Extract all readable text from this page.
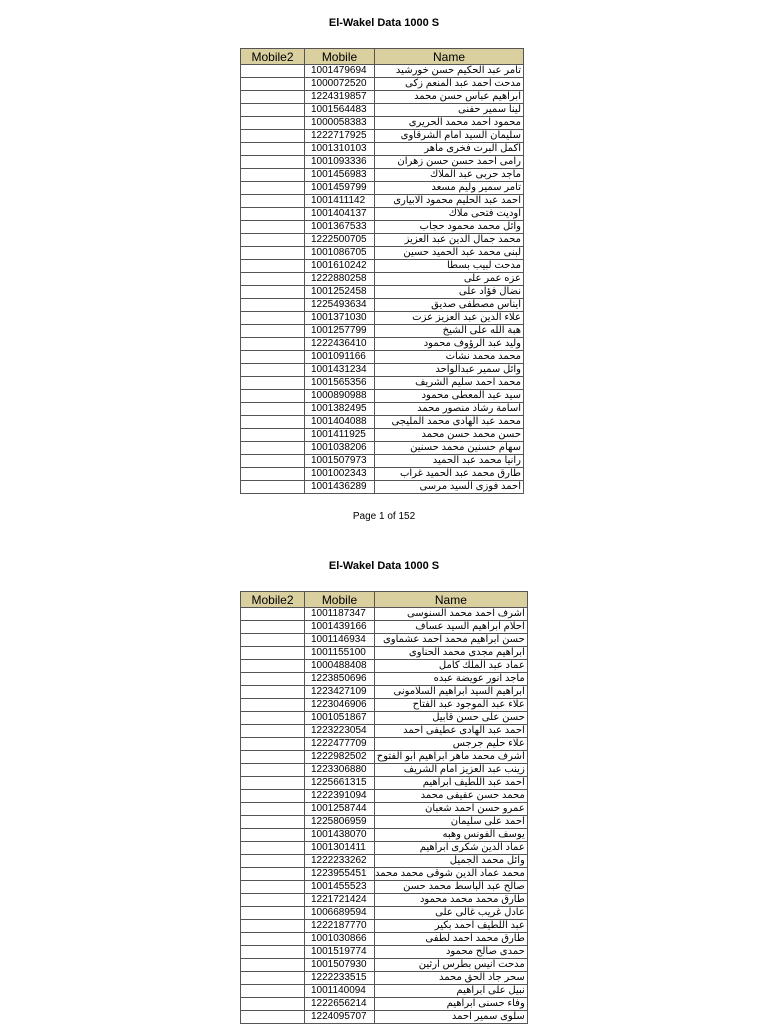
El-Wakel Data 1000 S
Mobile2	Mobile	Name
	1001479694	تامر عبد الحكيم حسن خورشيد
	1000072520	مدحت احمد عبد المنعم زكى
	1224319857	ابراهيم عباس حسن محمد
	1001564483	لينا سمير حفنى
	1000058383	محمود احمد محمد الحريرى
	1222717925	سليمان السيد امام الشرقاوى
	1001310103	اكمل البرت فخرى ماهر
	1001093336	رامى احمد حسن حسن زهران
	1001456983	ماجد حربى عبد الملاك
	1001459799	تامر سمير وليم مسعد
	1001411142	احمد عبد الحليم محمود الابيارى
	1001404137	اوديت فتحى ملاك
	1001367533	وائل محمد محمود حجاب
	1222500705	محمد جمال الدين عبد العزيز
	1001086705	لبنى محمد عبد الحميد حسين
	1001610242	مدحت لبيب بسطا
	1222880258	عزه عمر على
	1001252458	نضال فؤاد على
	1225493634	ايناس مصطفى صديق
	1001371030	علاء الدين عبد العزيز عزت
	1001257799	هبة الله على الشيخ
	1222436410	وليد عبد الرؤوف محمود
	1001091166	محمد محمد نشأت
	1001431234	وائل سمير عبدالواحد
	1001565356	محمد احمد سليم الشريف
	1000890988	سيد عبد المعطى محمود
	1001382495	اسامة رشاد منصور محمد
	1001404088	محمد عبد الهادى محمد المليجى
	1001411925	حسن محمد حسن محمد
	1001038206	سهام حسنين محمد حسنين
	1001507973	رانيا محمد عبد الحميد
	1001002343	طارق محمد عبد الحميد غراب
	1001436289	احمد فوزى السيد مرسى
Page 1 of 152
El-Wakel Data 1000 S
Mobile2	Mobile	Name
	1001187347	اشرف احمد محمد السنوسى
	1001439166	احلام ابراهيم السيد عساف
	1001146934	حسن ابراهيم محمد احمد عشماوى
	1001155100	ابراهيم مجدى محمد الحناوى
	1000488408	عماد عبد الملك كامل
	1223850696	ماجد انور عويضة عبده
	1223427109	ابراهيم السيد ابراهيم السلامونى
	1223046906	علاء عبد الموجود عبد الفتاح
	1001051867	حسن على حسن قابيل
	1223223054	احمد عبد الهادى عطيفى احمد
	1222477709	علاء حليم جرجس
	1222982502	اشرف محمد ماهر ابراهيم ابو الفتوح
	1223306880	زينب عبد العزيز امام الشريف
	1225661315	احمد عبد اللطيف ابراهيم
	1222391094	محمد حسن عفيفى محمد
	1001258744	عمرو حسن احمد شعبان
	1225806959	احمد على سليمان
	1001438070	يوسف الفونس وهبه
	1001301411	عماد الدين شكرى ابراهيم
	1222233262	وائل محمد الجميل
	1223955451	محمد عماد الدين شوقى محمد محمد
	1001455523	صالح عبد الباسط محمد حسن
	1221721424	طارق محمد محمد محمود
	1006689594	عادل غريب غالى على
	1222187770	عبد اللطيف احمد بكير
	1001030866	طارق محمد احمد لطفى
	1001519774	حمدى صالح محمود
	1001507930	مدحت انيس بطرس ارثين
	1222233515	سحر جاد الحق محمد
	1001140094	نبيل على ابراهيم
	1222656214	وفاء حسنى ابراهيم
	1224095707	سلوى سمير احمد
